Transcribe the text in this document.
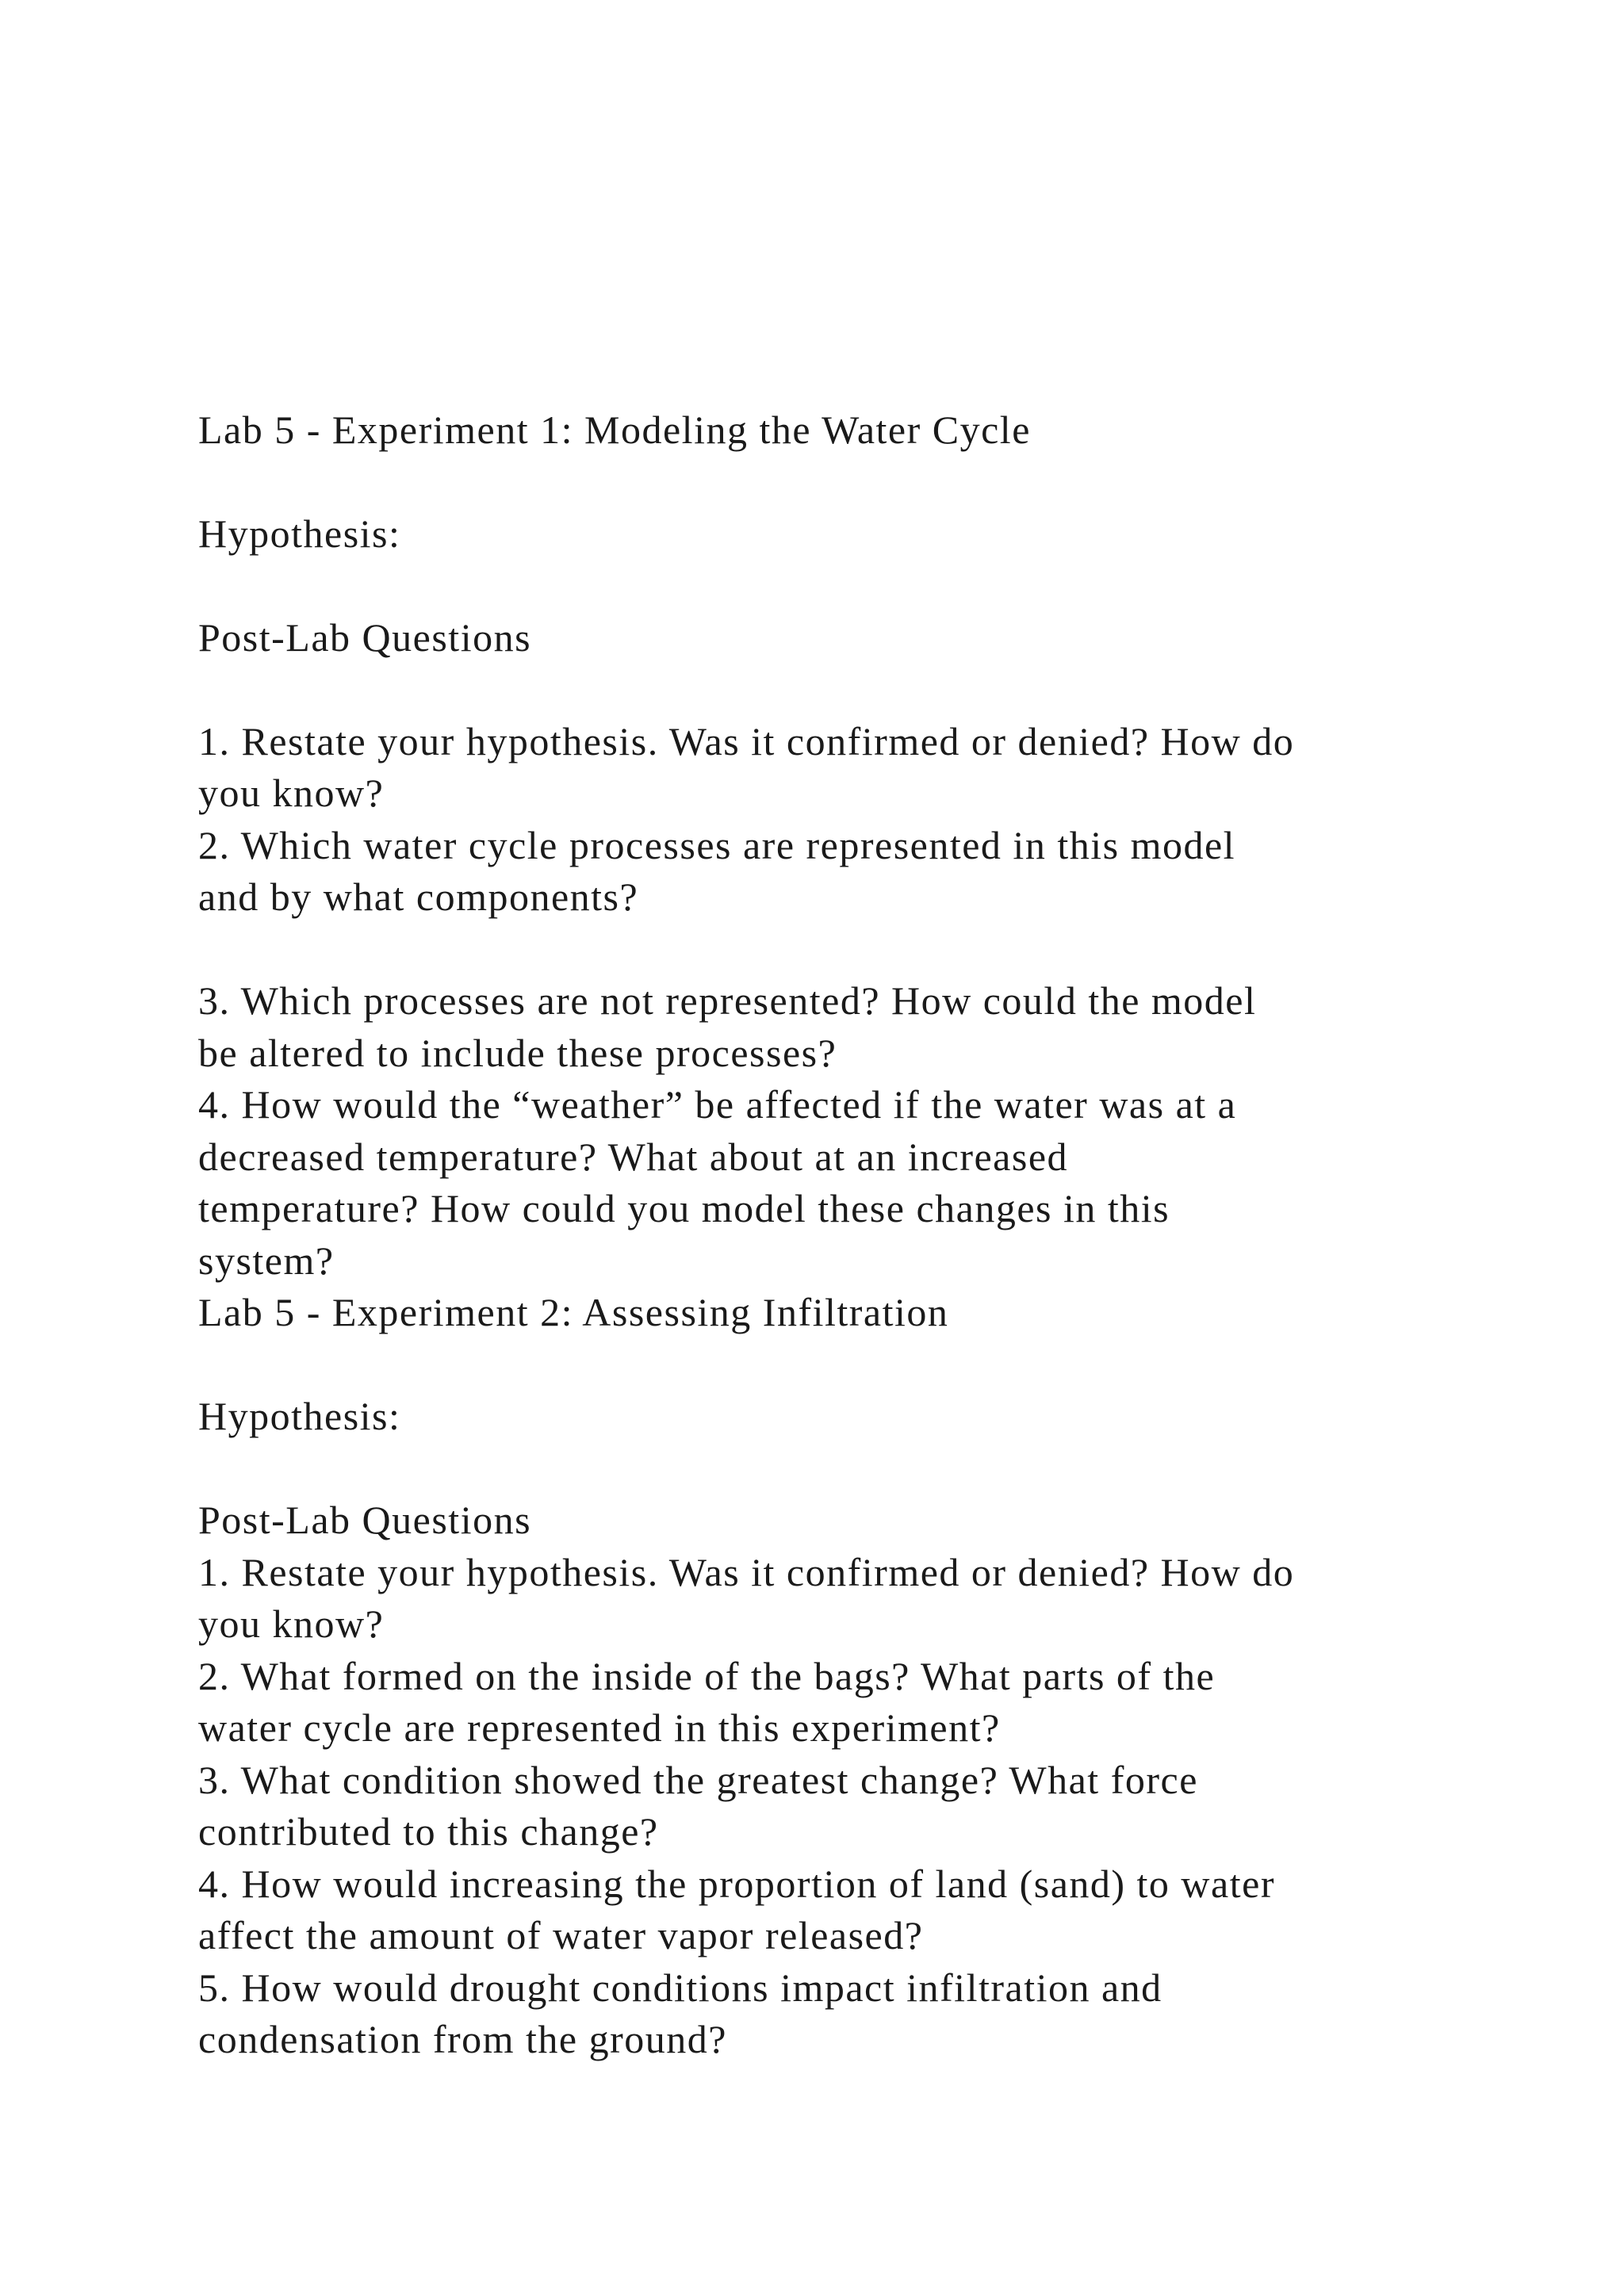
Lab 5 - Experiment 1: Modeling the Water Cycle
Hypothesis:
Post-Lab Questions
1. Restate your hypothesis. Was it confirmed or denied? How do
you know?
2. Which water cycle processes are represented in this model
and by what components?
3. Which processes are not represented? How could the model
be altered to include these processes?
4. How would the “weather” be affected if the water was at a
decreased temperature? What about at an increased
temperature? How could you model these changes in this
system?
Lab 5 - Experiment 2: Assessing Infiltration
Hypothesis:
Post-Lab Questions
1. Restate your hypothesis. Was it confirmed or denied? How do
you know?
2. What formed on the inside of the bags? What parts of the
water cycle are represented in this experiment?
3. What condition showed the greatest change? What force
contributed to this change?
4. How would increasing the proportion of land (sand) to water
affect the amount of water vapor released?
5. How would drought conditions impact infiltration and
condensation from the ground?
